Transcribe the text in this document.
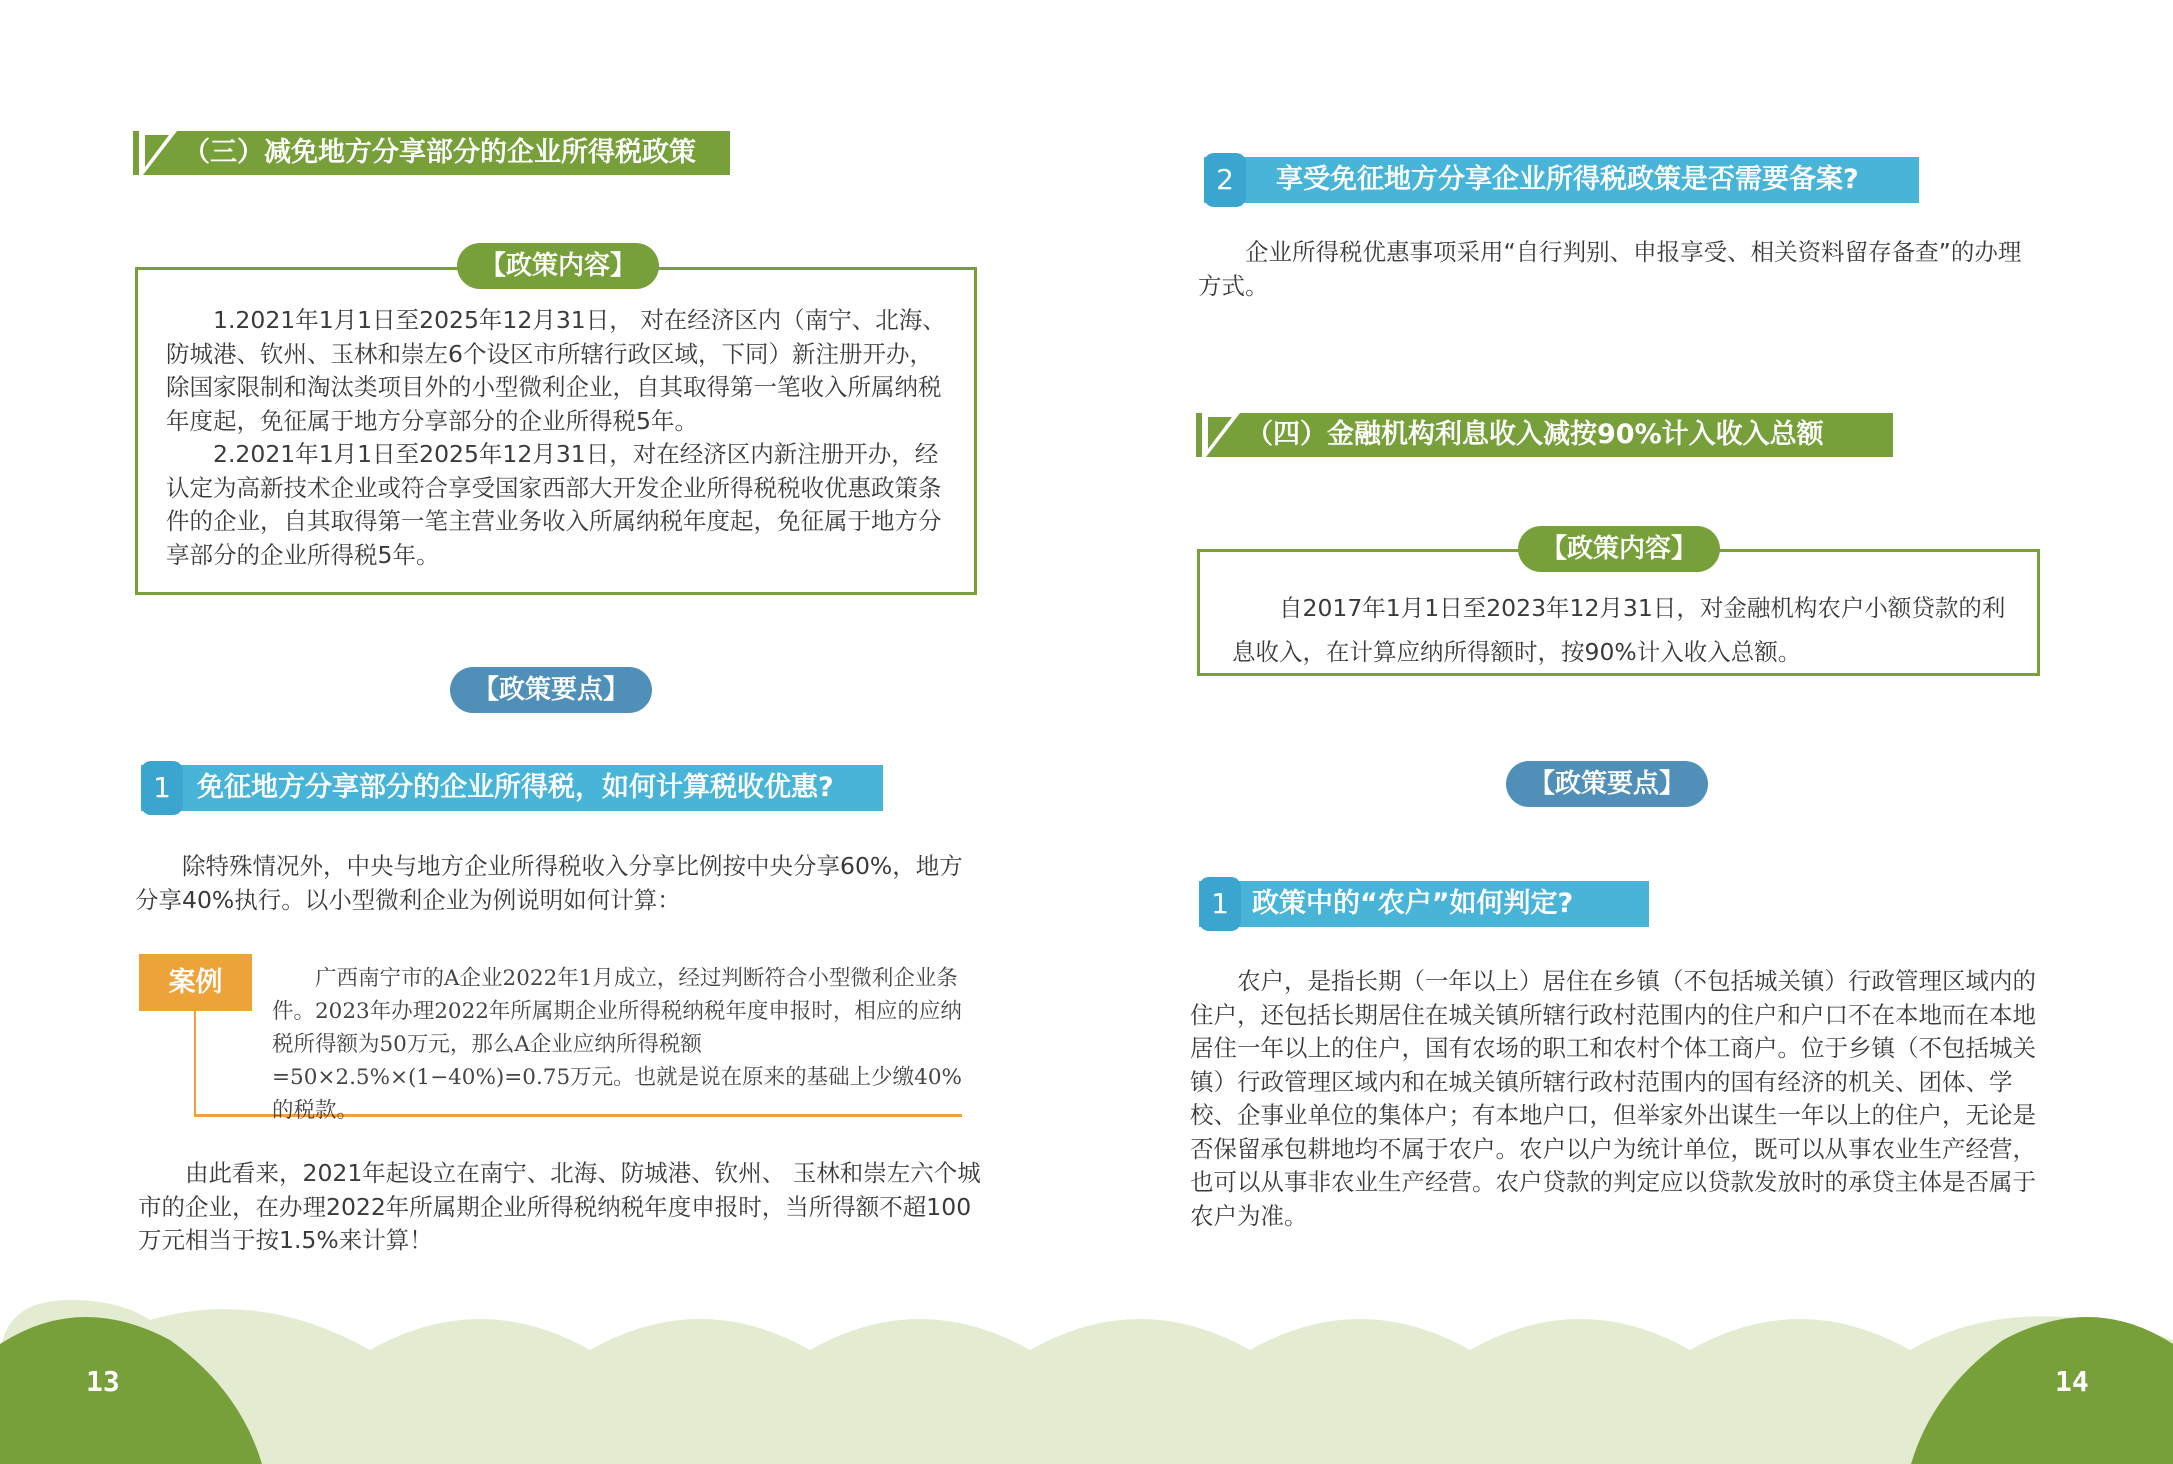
（三）减免地方分享部分的企业所得税政策

1.2021年1月1日至2025年12月31日， 对在经济区内（南宁、北海、防城港、钦州、玉林和崇左6个设区市所辖行政区域，下同）新注册开办，除国家限制和淘汰类项目外的小型微利企业，自其取得第一笔收入所属纳税年度起，免征属于地方分享部分的企业所得税5年。

2.2021年1月1日至2025年12月31日，对在经济区内新注册开办，经认定为高新技术企业或符合享受国家西部大开发企业所得税税收优惠政策条件的企业，自其取得第一笔主营业务收入所属纳税年度起，免征属于地方分享部分的企业所得税5年。

【政策内容】
【政策要点】
1 免征地方分享部分的企业所得税，如何计算税收优惠?

除特殊情况外，中央与地方企业所得税收入分享比例按中央分享60%，地方分享40%执行。以小型微利企业为例说明如何计算：

案例	广西南宁市的A企业2022年1月成立，经过判断符合小型微利企业条件。2023年办理2022年所属期企业所得税纳税年度申报时，相应的应纳税所得额为50万元，那么A企业应纳所得税额=50×2.5%×(1−40%)=0.75万元。也就是说在原来的基础上少缴40% 的税款。

由此看来，2021年起设立在南宁、北海、防城港、钦州、 玉林和崇左六个城市的企业，在办理2022年所属期企业所得税纳税年度申报时，当所得额不超100万元相当于按1.5%来计算！

2	享受免征地方分享企业所得税政策是否需要备案?

企业所得税优惠事项采用“自行判别、申报享受、相关资料留存备查”的办理方式。

（四）金融机构利息收入减按90%计入收入总额

自2017年1月1日至2023年12月31日，对金融机构农户小额贷款的利息收入，在计算应纳所得额时，按90%计入收入总额。

【政策内容】
【政策要点】
1 政策中的“农户”如何判定?

农户，是指长期（一年以上）居住在乡镇（不包括城关镇）行政管理区域内的住户，还包括长期居住在城关镇所辖行政村范围内的住户和户口不在本地而在本地居住一年以上的住户，国有农场的职工和农村个体工商户。位于乡镇（不包括城关镇）行政管理区域内和在城关镇所辖行政村范围内的国有经济的机关、团体、学校、企事业单位的集体户；有本地户口，但举家外出谋生一年以上的住户，无论是否保留承包耕地均不属于农户。农户以户为统计单位，既可以从事农业生产经营，也可以从事非农业生产经营。农户贷款的判定应以贷款发放时的承贷主体是否属于农户为准。

13	14
